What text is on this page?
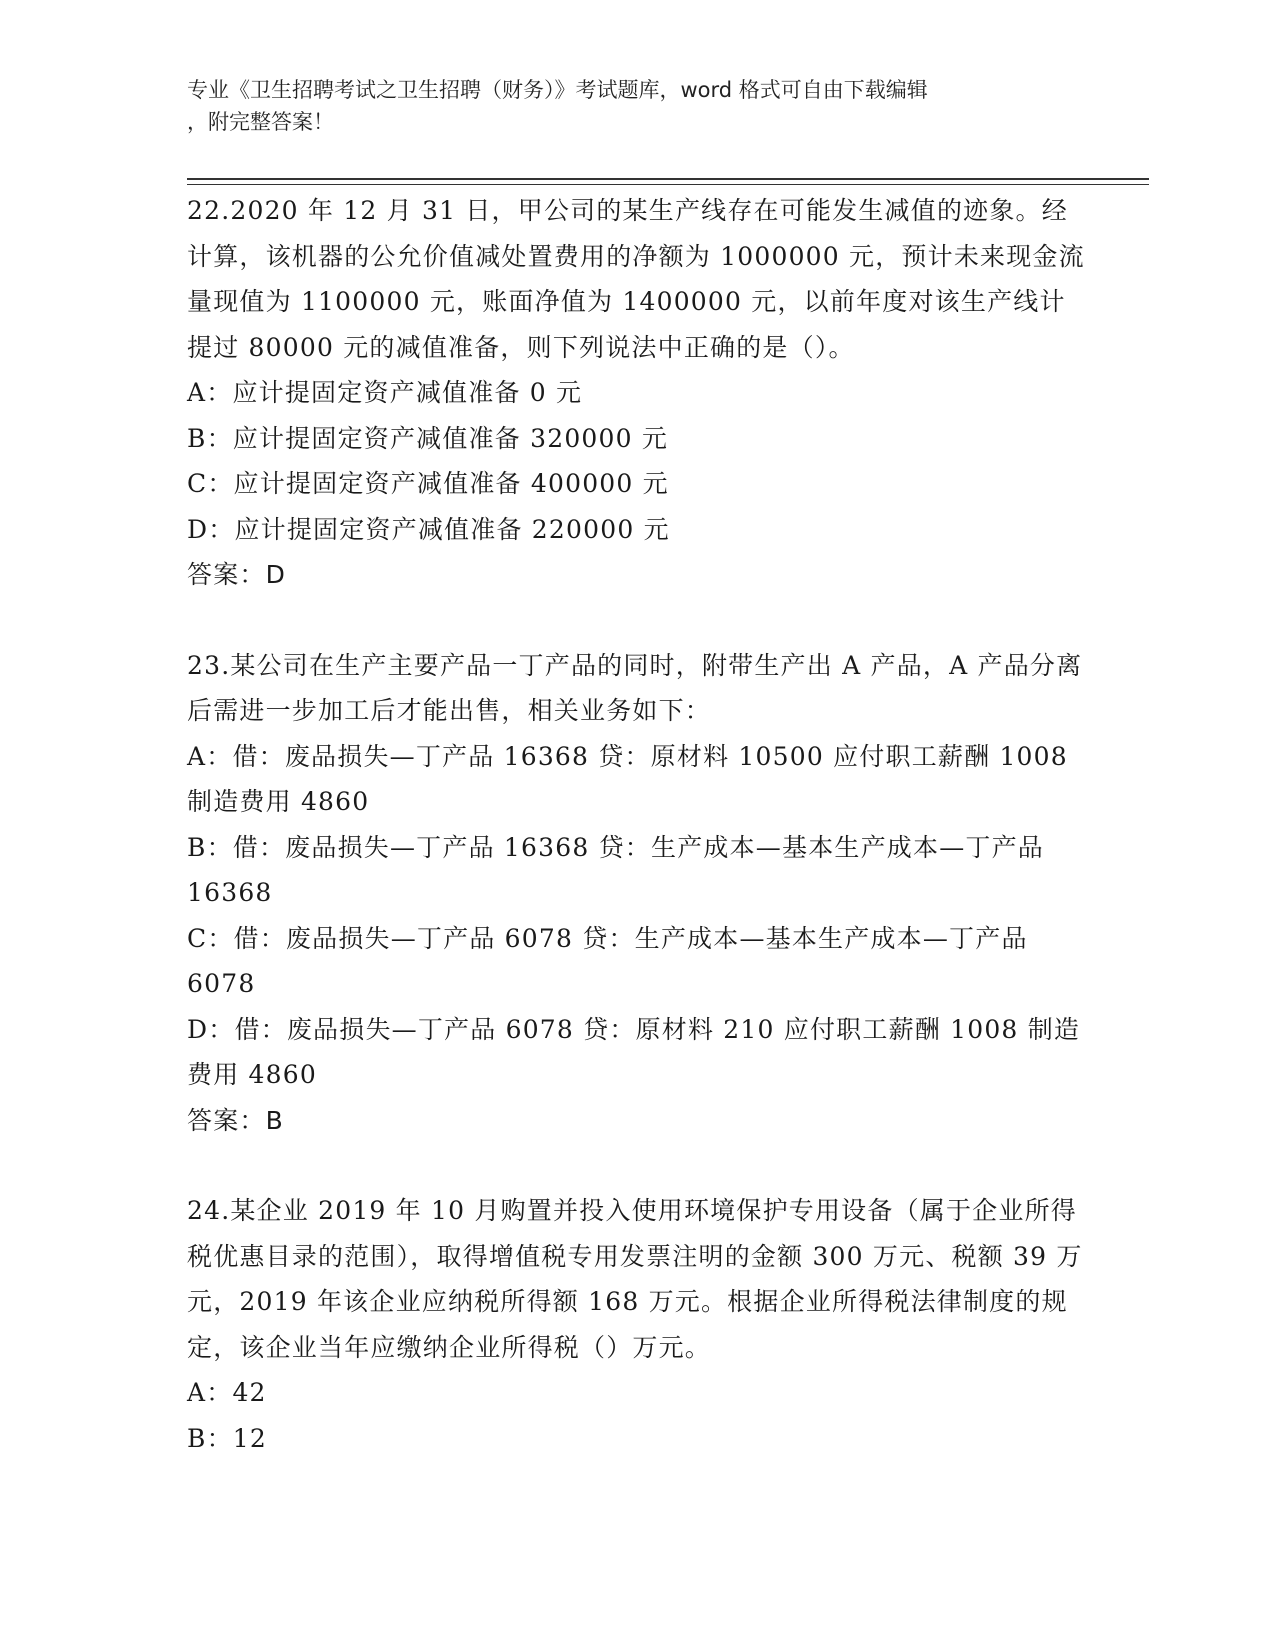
专业《卫生招聘考试之卫生招聘（财务）》考试题库，word 格式可自由下载编辑
，附完整答案！

22.2020 年 12 月 31 日，甲公司的某生产线存在可能发生减值的迹象。经计算，该机器的公允价值减处置费用的净额为 1000000 元，预计未来现金流量现值为 1100000 元，账面净值为 1400000 元，以前年度对该生产线计提过 80000 元的减值准备，则下列说法中正确的是（）。

A：应计提固定资产减值准备 0 元

B：应计提固定资产减值准备 320000 元

C：应计提固定资产减值准备 400000 元

D：应计提固定资产减值准备 220000 元

答案：D

23.某公司在生产主要产品一丁产品的同时，附带生产出 A 产品，A 产品分离后需进一步加工后才能出售，相关业务如下：

A：借：废品损失—丁产品 16368 贷：原材料 10500 应付职工薪酬 1008 制造费用 4860

B：借：废品损失—丁产品 16368 贷：生产成本—基本生产成本—丁产品 16368

C：借：废品损失—丁产品 6078 贷：生产成本—基本生产成本—丁产品 6078

D：借：废品损失—丁产品 6078 贷：原材料 210 应付职工薪酬 1008 制造费用 4860

答案：B

24.某企业 2019 年 10 月购置并投入使用环境保护专用设备（属于企业所得税优惠目录的范围），取得增值税专用发票注明的金额 300 万元、税额 39 万元，2019 年该企业应纳税所得额 168 万元。根据企业所得税法律制度的规定，该企业当年应缴纳企业所得税（）万元。

A：42

B：12
